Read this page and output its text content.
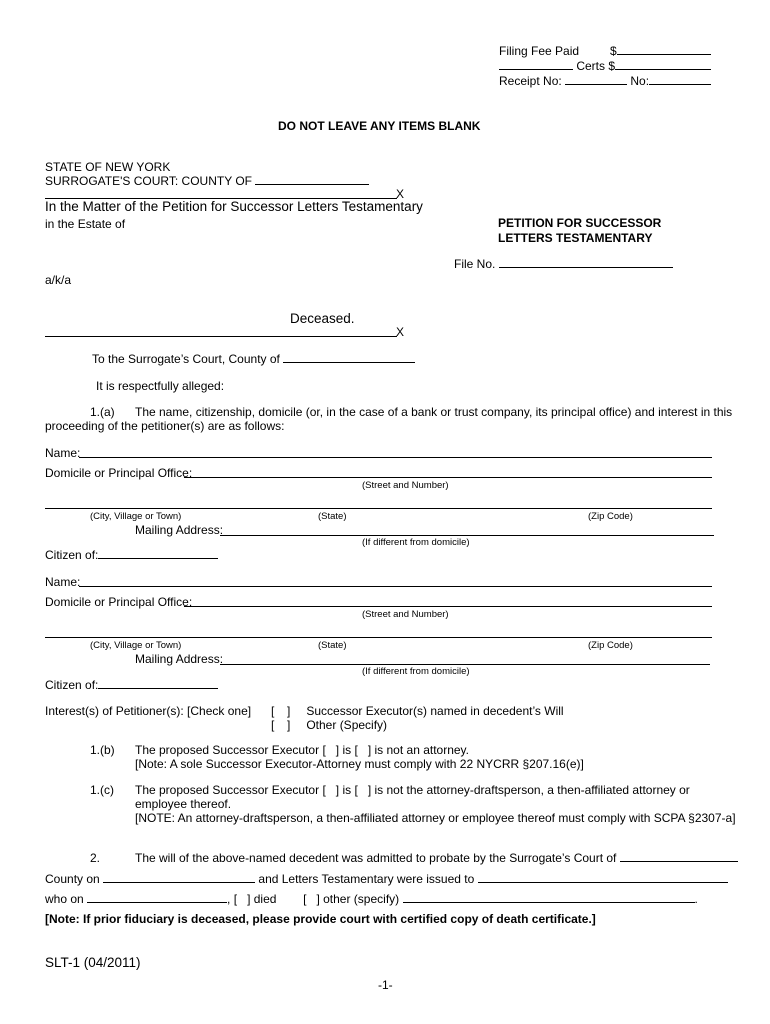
Filing Fee Paid	$
Certs $
Receipt No:	No:
DO NOT LEAVE ANY ITEMS BLANK
STATE OF NEW YORK
SURROGATE'S COURT: COUNTY OF
X
In the Matter of the Petition for Successor Letters Testamentary
in the Estate of	PETITION FOR SUCCESSOR
LETTERS TESTAMENTARY
File No.
a/k/a
Deceased.
X
To the Surrogate’s Court, County of
It is respectfully alleged:
1.(a) The name, citizenship, domicile (or, in the case of a bank or trust company, its principal office) and interest in this
proceeding of the petitioner(s) are as follows:
Name:
Domicile or Principal Office:
(Street and Number)
(City, Village or Town)	(State)	(Zip Code)
Mailing Address:
(If different from domicile)
Citizen of:
Name:
Domicile or Principal Office:
(Street and Number)
(City, Village or Town)	(State)	(Zip Code)
Mailing Address:
(If different from domicile)
Citizen of:
Interest(s) of Petitioner(s): [Check one] [ ] Successor Executor(s) named in decedent’s Will
[ ] Other (Specify)
1.(b) The proposed Successor Executor [   ] is [   ] is not an attorney.
[Note: A sole Successor Executor-Attorney must comply with 22 NYCRR §207.16(e)]
1.(c) The proposed Successor Executor [   ] is [   ] is not the attorney-draftsperson, a then-affiliated attorney or
employee thereof.
[NOTE: An attorney-draftsperson, a then-affiliated attorney or employee thereof must comply with SCPA §2307-a]
2.	The will of the above-named decedent was admitted to probate by the Surrogate’s Court of
County on	and Letters Testamentary were issued to
who on	, [   ] died [   ] other (specify)	.
[Note: If prior fiduciary is deceased, please provide court with certified copy of death certificate.]
SLT-1 (04/2011)
-1-
